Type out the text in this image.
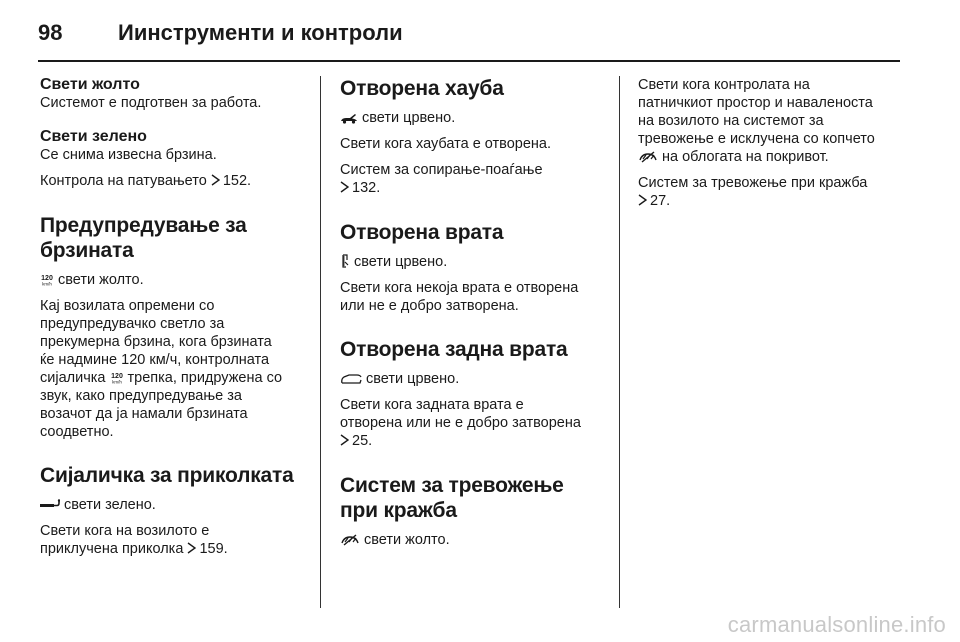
98	Иинструменти и контроли
Свети жолто
Системот е подготвен за работа.
Свети зелено
Се снима извесна брзина.
Контрола на патувањето 152.
Предупредување за
брзината
120
km/h свети жолто.
Кај возилата опремени со
предупредувачко светло за
прекумерна брзина, кога брзината
ќе надмине 120 км/ч, контролната
сијаличка 120
km/h трепка, придружена со
звук, како предупредување за
возачот да ја намали брзината
соодветно.
Сијаличка за приколката
свети зелено.
Свети кога на возилото е
приклучена приколка 159.
Отворена хауба
свети црвено.
Свети кога хаубата е отворена.
Систем за сопирање-поаѓање
132.
Отворена врата
свети црвено.
Свети кога некоја врата е отворена
или не е добро затворена.
Отворена задна врата
свети црвено.
Свети кога задната врата е
отворена или не е добро затворена
25.
Систем за тревожење
при кражба
свети жолто.
Свети кога контролата на
патничкиот простор и наваленоста
на возилото на системот за
тревожење е исклучена со копчето
на облогата на покривот.
Систем за тревожење при кражба
27.
carmanualsonline.info
